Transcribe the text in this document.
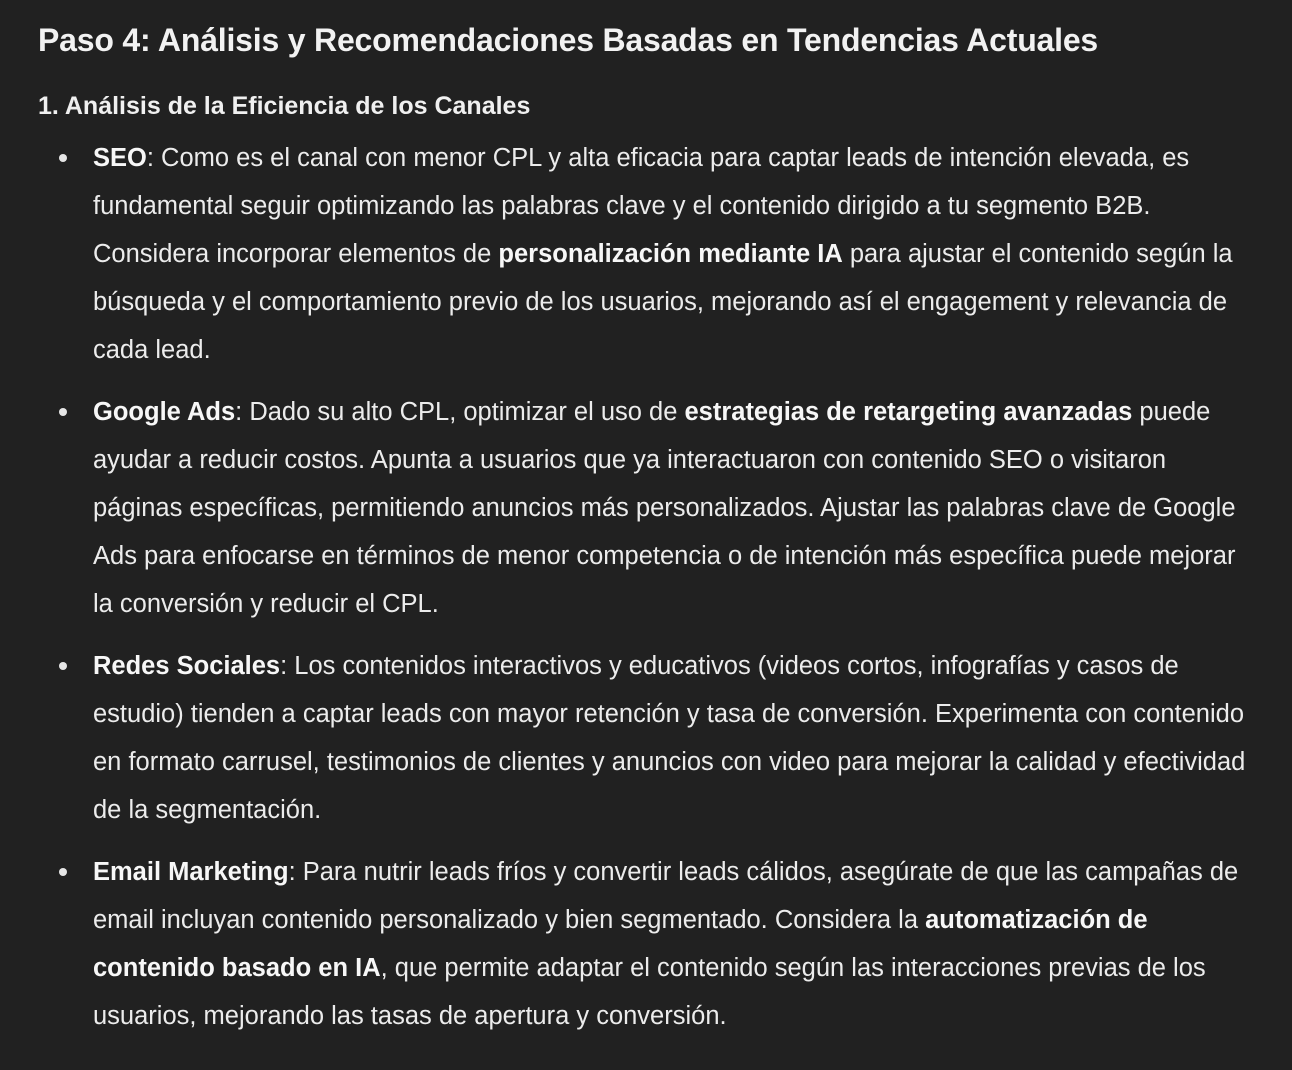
Paso 4: Análisis y Recomendaciones Basadas en Tendencias Actuales
1. Análisis de la Eficiencia de los Canales
SEO: Como es el canal con menor CPL y alta eficacia para captar leads de intención elevada, es fundamental seguir optimizando las palabras clave y el contenido dirigido a tu segmento B2B. Considera incorporar elementos de personalización mediante IA para ajustar el contenido según la búsqueda y el comportamiento previo de los usuarios, mejorando así el engagement y relevancia de cada lead.
Google Ads: Dado su alto CPL, optimizar el uso de estrategias de retargeting avanzadas puede ayudar a reducir costos. Apunta a usuarios que ya interactuaron con contenido SEO o visitaron páginas específicas, permitiendo anuncios más personalizados. Ajustar las palabras clave de Google Ads para enfocarse en términos de menor competencia o de intención más específica puede mejorar la conversión y reducir el CPL.
Redes Sociales: Los contenidos interactivos y educativos (videos cortos, infografías y casos de estudio) tienden a captar leads con mayor retención y tasa de conversión. Experimenta con contenido en formato carrusel, testimonios de clientes y anuncios con video para mejorar la calidad y efectividad de la segmentación.
Email Marketing: Para nutrir leads fríos y convertir leads cálidos, asegúrate de que las campañas de email incluyan contenido personalizado y bien segmentado. Considera la automatización de contenido basado en IA, que permite adaptar el contenido según las interacciones previas de los usuarios, mejorando las tasas de apertura y conversión.
